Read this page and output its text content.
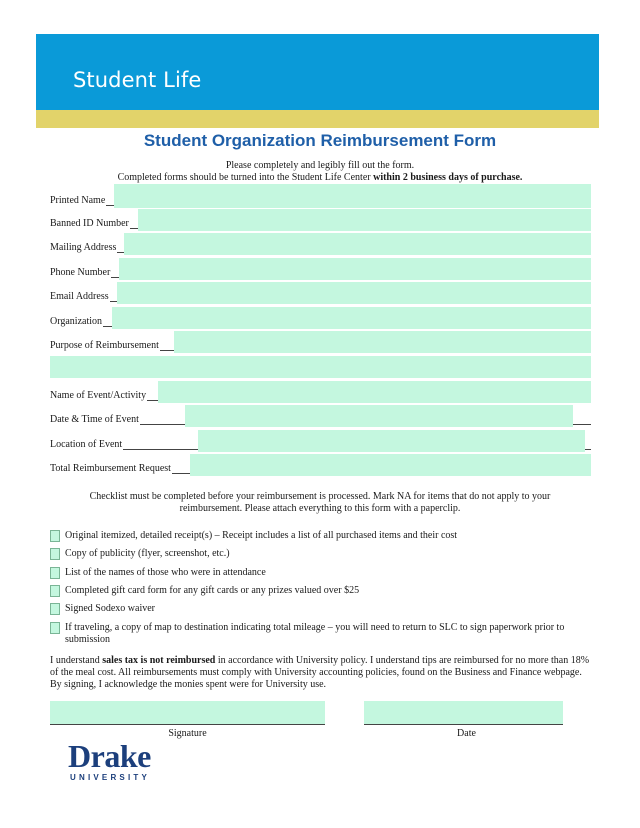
Student Life
Student Organization Reimbursement Form
Please completely and legibly fill out the form.
Completed forms should be turned into the Student Life Center within 2 business days of purchase.
Printed Name
Banned ID Number
Mailing Address
Phone Number
Email Address
Organization
Purpose of Reimbursement
Name of Event/Activity
Date & Time of Event
Location of Event
Total Reimbursement Request
Checklist must be completed before your reimbursement is processed. Mark NA for items that do not apply to your reimbursement. Please attach everything to this form with a paperclip.
Original itemized, detailed receipt(s) – Receipt includes a list of all purchased items and their cost
Copy of publicity (flyer, screenshot, etc.)
List of the names of those who were in attendance
Completed gift card form for any gift cards or any prizes valued over $25
Signed Sodexo waiver
If traveling, a copy of map to destination indicating total mileage – you will need to return to SLC to sign paperwork prior to submission
I understand sales tax is not reimbursed in accordance with University policy. I understand tips are reimbursed for no more than 18% of the meal cost. All reimbursements must comply with University accounting policies, found on the Business and Finance webpage. By signing, I acknowledge the monies spent were for University use.
Signature	Date
Drake
UNIVERSITY
